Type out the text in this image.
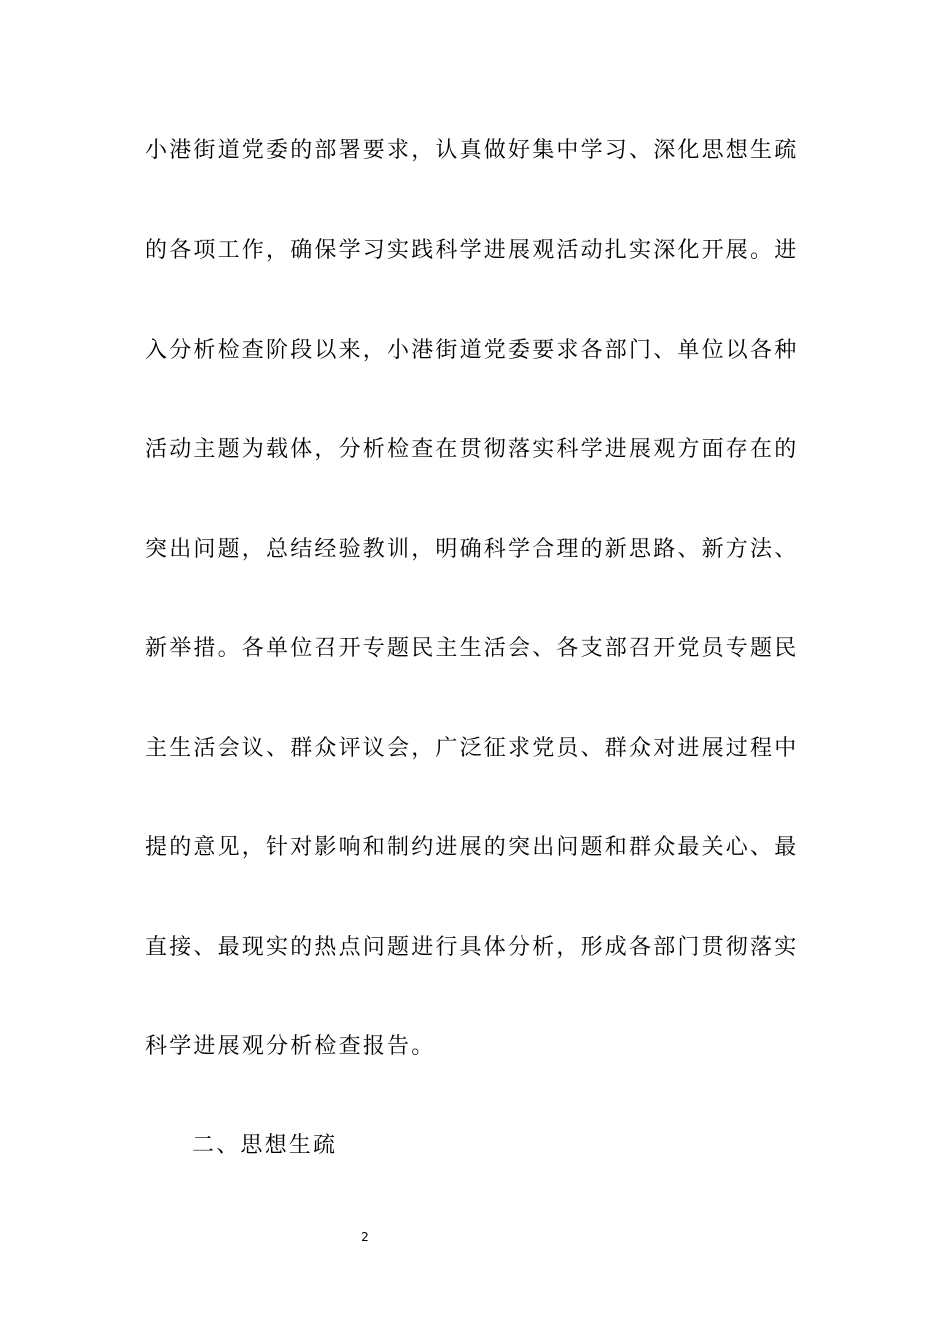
小港街道党委的部署要求，认真做好集中学习、深化思想生疏
的各项工作，确保学习实践科学进展观活动扎实深化开展。进
入分析检查阶段以来，小港街道党委要求各部门、单位以各种
活动主题为载体，分析检查在贯彻落实科学进展观方面存在的
突出问题，总结经验教训，明确科学合理的新思路、新方法、
新举措。各单位召开专题民主生活会、各支部召开党员专题民
主生活会议、群众评议会，广泛征求党员、群众对进展过程中
提的意见，针对影响和制约进展的突出问题和群众最关心、最
直接、最现实的热点问题进行具体分析，形成各部门贯彻落实
科学进展观分析检查报告。
二、思想生疏
2
